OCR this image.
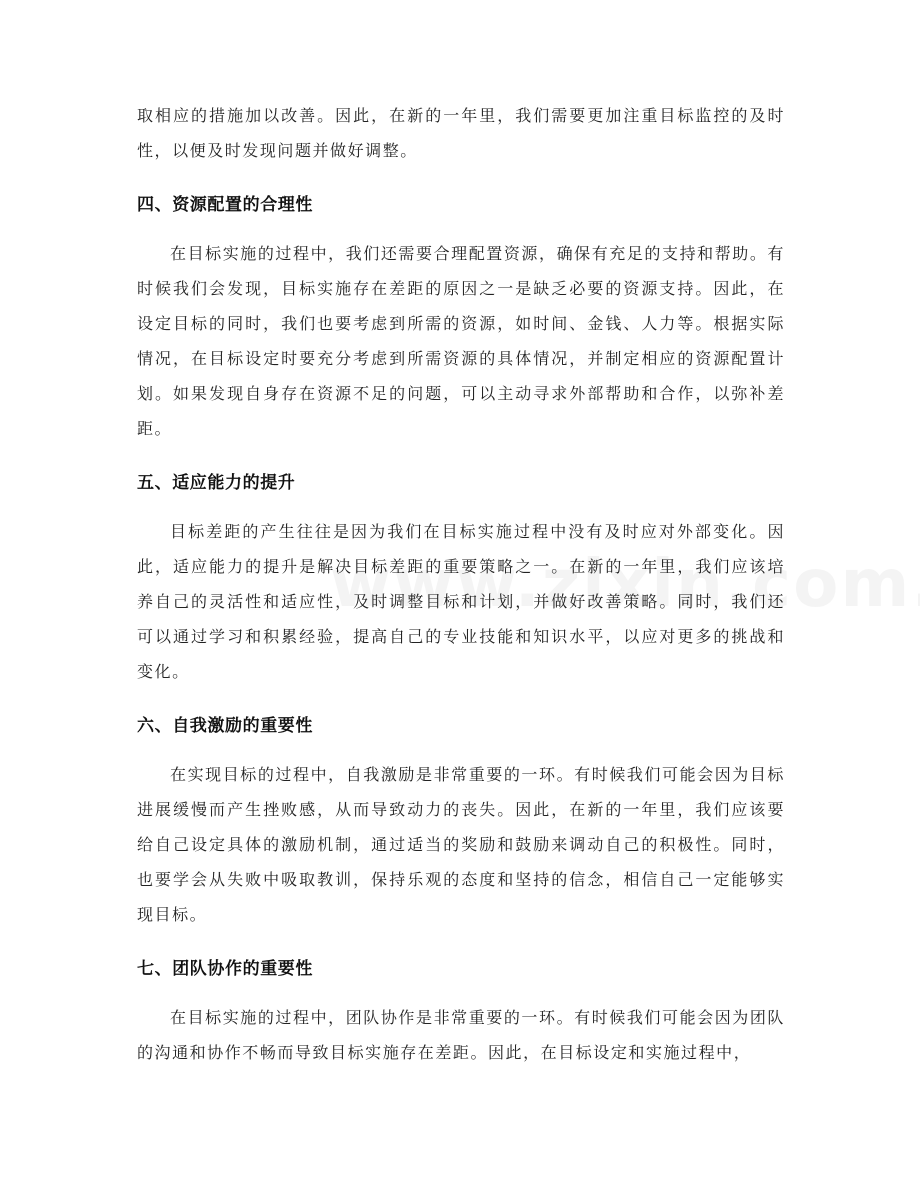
取相应的措施加以改善。因此，在新的一年里，我们需要更加注重目标监控的及时性，以便及时发现问题并做好调整。

四、资源配置的合理性

在目标实施的过程中，我们还需要合理配置资源，确保有充足的支持和帮助。有时候我们会发现，目标实施存在差距的原因之一是缺乏必要的资源支持。因此，在设定目标的同时，我们也要考虑到所需的资源，如时间、金钱、人力等。根据实际情况，在目标设定时要充分考虑到所需资源的具体情况，并制定相应的资源配置计划。如果发现自身存在资源不足的问题，可以主动寻求外部帮助和合作，以弥补差距。

五、适应能力的提升

目标差距的产生往往是因为我们在目标实施过程中没有及时应对外部变化。因此，适应能力的提升是解决目标差距的重要策略之一。在新的一年里，我们应该培养自己的灵活性和适应性，及时调整目标和计划，并做好改善策略。同时，我们还可以通过学习和积累经验，提高自己的专业技能和知识水平，以应对更多的挑战和变化。

六、自我激励的重要性

在实现目标的过程中，自我激励是非常重要的一环。有时候我们可能会因为目标进展缓慢而产生挫败感，从而导致动力的丧失。因此，在新的一年里，我们应该要给自己设定具体的激励机制，通过适当的奖励和鼓励来调动自己的积极性。同时，也要学会从失败中吸取教训，保持乐观的态度和坚持的信念，相信自己一定能够实现目标。

七、团队协作的重要性

在目标实施的过程中，团队协作是非常重要的一环。有时候我们可能会因为团队的沟通和协作不畅而导致目标实施存在差距。因此，在目标设定和实施过程中，
